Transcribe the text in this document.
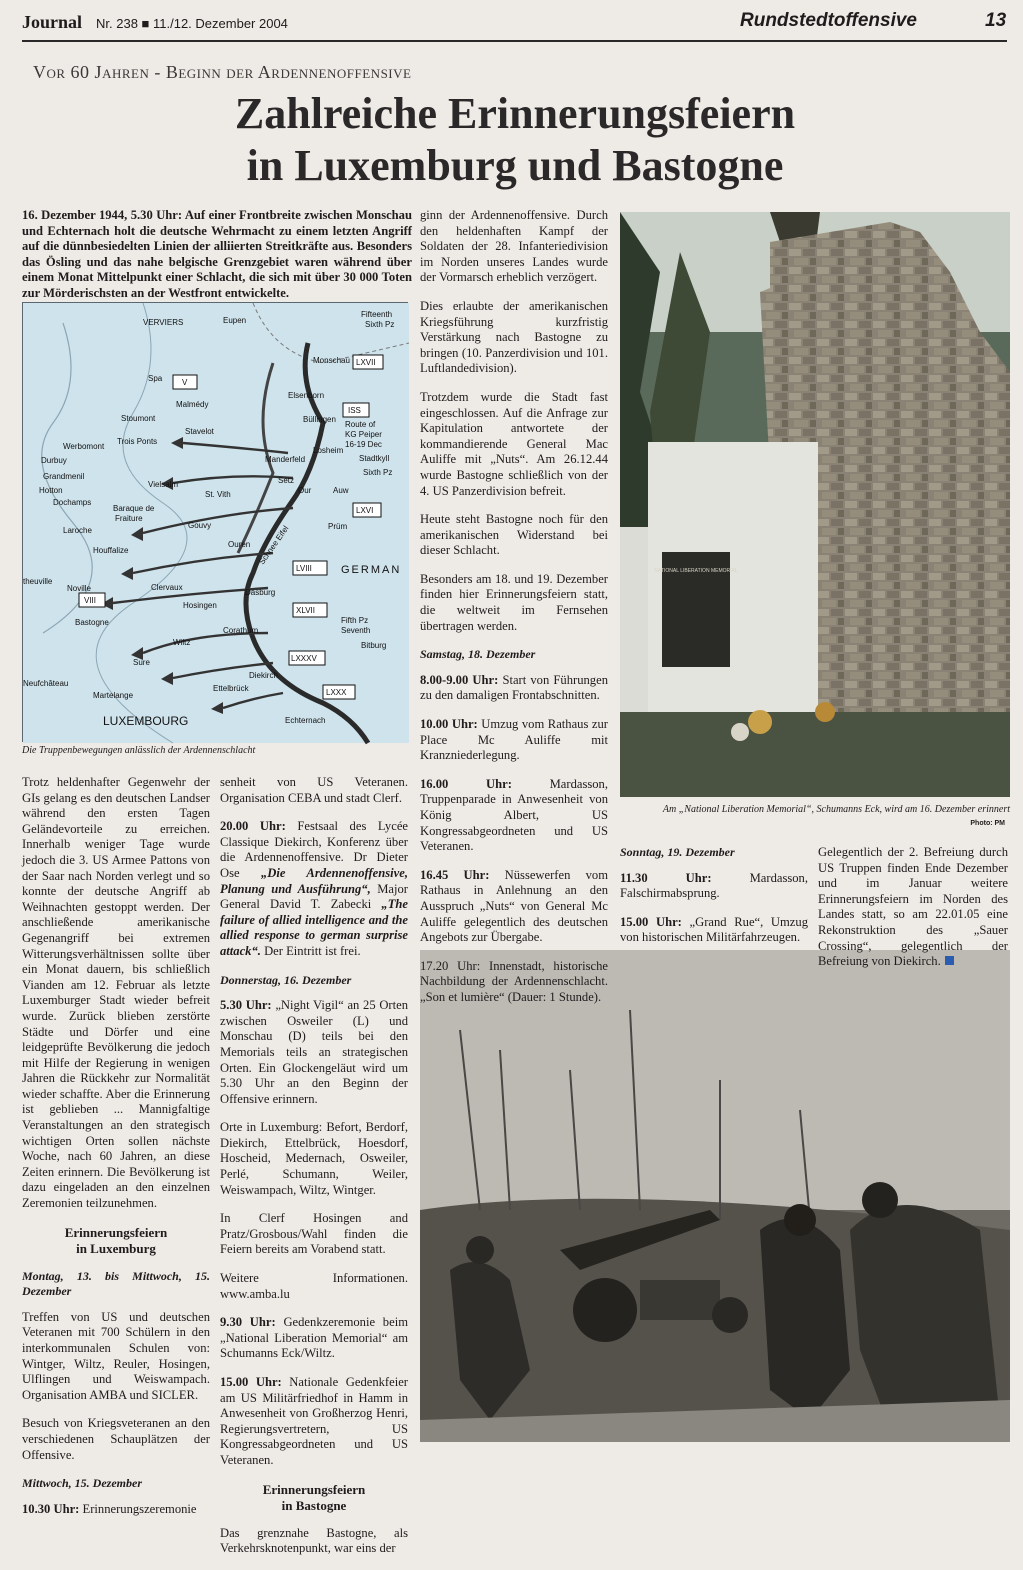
Journal Nr. 238 ■ 11./12. Dezember 2004	Rundstedtoffensive	13
Vor 60 Jahren - Beginn der Ardennenoffensive
Zahlreiche Erinnerungsfeiern
in Luxemburg und Bastogne
16. Dezember 1944, 5.30 Uhr: Auf einer Frontbreite zwischen Monschau und Echternach holt die deutsche Wehrmacht zu einem letzten Angriff auf die dünnbesiedelten Linien der alliierten Streitkräfte aus. Besonders das Ösling und das nahe belgische Grenzgebiet waren während über einem Monat Mittelpunkt einer Schlacht, die sich mit über 30 000 Toten zur Mörderischsten an der Westfront entwickelte.
VERVIERS	Eupen
Fifteenth
Sixth Pz
Monschau
Spa
Malmédy
Elsenborn
Stoumont
Stavelot
Büllingen
Route of
KG Peiper
16-19 Dec
Werbomont
Trois Ponts
Durbuy
Losheim
Manderfeld	Stadtkyll
Grandmenil	Sixth Pz
Hotton
Vielsalm	Setz
Our	Auw
Dochamps
St. Vith
Baraque de
Fraiture
Laroche
Gouvy	Prüm
Houffalize
Ouren Schnee Eifel
GERMAN
theuville
Noville	Clervaux
Dasburg
Bastogne
Hosingen
Fifth Pz
Seventh
Corathum
Bitburg
Sure
Wiltz
Neufchâteau
Ettelbrück
Diekirch
Martelange
LUXEMBOURG	Echternach
V
LXVII
ISS
LXVI
LVIII
VIII
XLVII
LXXXV
LXXX
Die Truppenbewegungen anlässlich der Ardennenschlacht
NATIONAL LIBERATION MEMORIAL
Am „National Liberation Memorial“, Schumanns Eck, wird am 16. Dezember erinnert
Photo: PM

Trotz heldenhafter Gegenwehr der GIs gelang es den deutschen Landser während den ersten Tagen Geländevorteile zu erreichen. Innerhalb weniger Tage wurde jedoch die 3. US Armee Pattons von der Saar nach Norden verlegt und so konnte der deutsche Angriff ab Weihnachten gestoppt werden. Der anschließende amerikanische Gegenangriff bei extremen Witterungsverhältnissen sollte über ein Monat dauern, bis schließlich Vianden am 12. Februar als letzte Luxemburger Stadt wieder befreit wurde. Zurück blieben zerstörte Städte und Dörfer und eine leidgeprüfte Bevölkerung die jedoch mit Hilfe der Regierung in wenigen Jahren die Rückkehr zur Normalität wieder schaffte. Aber die Erinnerung ist geblieben ... Mannigfaltige Veranstaltungen an den strategisch wichtigen Orten sollen nächste Woche, nach 60 Jahren, an diese Zeiten erinnern. Die Bevölkerung ist dazu eingeladen an den einzelnen Zeremonien teilzunehmen.

Erinnerungsfeiern
in Luxemburg
Montag, 13. bis Mittwoch, 15. Dezember

Treffen von US und deutschen Veteranen mit 700 Schülern in den interkommunalen Schulen von: Wintger, Wiltz, Reuler, Hosingen, Ulflingen und Weiswampach. Organisation AMBA und SICLER.

Besuch von Kriegsveteranen an den verschiedenen Schauplätzen der Offensive.

Mittwoch, 15. Dezember

10.30 Uhr: Erinnerungszeremonie

senheit von US Veteranen. Organisation CEBA und stadt Clerf.

20.00 Uhr: Festsaal des Lycée Classique Diekirch, Konferenz über die Ardennenoffensive. Dr Dieter Ose „Die Ardennenoffensive, Planung und Ausführung“, Major General David T. Zabecki „The failure of allied intelligence and the allied response to german surprise attack“. Der Eintritt ist frei.

Donnerstag, 16. Dezember

5.30 Uhr: „Night Vigil“ an 25 Orten zwischen Osweiler (L) und Monschau (D) teils bei den Memorials teils an strategischen Orten. Ein Glockengeläut wird um 5.30 Uhr an den Beginn der Offensive erinnern.

Orte in Luxemburg: Befort, Berdorf, Diekirch, Ettelbrück, Hoesdorf, Hoscheid, Medernach, Osweiler, Perlé, Schumann, Weiler, Weiswampach, Wiltz, Wintger.

In Clerf Hosingen and Pratz/Grosbous/Wahl finden die Feiern bereits am Vorabend statt.

Weitere Informationen. www.amba.lu

9.30 Uhr: Gedenkzeremonie beim „National Liberation Memorial“ am Schumanns Eck/Wiltz.

15.00 Uhr: Nationale Gedenkfeier am US Militärfriedhof in Hamm in Anwesenheit von Großherzog Henri, Regierungsvertretern, US Kongressabgeordneten und US Veteranen.

Erinnerungsfeiern
in Bastogne

Das grenznahe Bastogne, als Verkehrsknotenpunkt, war eins der

ginn der Ardennenoffensive. Durch den heldenhaften Kampf der Soldaten der 28. Infanteriedivision im Norden unseres Landes wurde der Vormarsch erheblich verzögert.

Dies erlaubte der amerikanischen Kriegsführung kurzfristig Verstärkung nach Bastogne zu bringen (10. Panzerdivision und 101. Luftlandedivision).

Trotzdem wurde die Stadt fast eingeschlossen. Auf die Anfrage zur Kapitulation antwortete der kommandierende General Mac Auliffe mit „Nuts“. Am 26.12.44 wurde Bastogne schließlich von der 4. US Panzerdivision befreit.

Heute steht Bastogne noch für den amerikanischen Widerstand bei dieser Schlacht.

Besonders am 18. und 19. Dezember finden hier Erinnerungsfeiern statt, die weltweit im Fernsehen übertragen werden.

Samstag, 18. Dezember

8.00-9.00 Uhr: Start von Führungen zu den damaligen Frontabschnitten.

10.00 Uhr: Umzug vom Rathaus zur Place Mc Auliffe mit Kranzniederlegung.

16.00 Uhr: Mardasson, Truppenparade in Anwesenheit von König Albert, US Kongressabgeordneten und US Veteranen.

16.45 Uhr: Nüssewerfen vom Rathaus in Anlehnung an den Ausspruch „Nuts“ von General Mc Auliffe gelegentlich des deutschen Angebots zur Übergabe.

17.20 Uhr: Innenstadt, historische Nachbildung der Ardennenschlacht. „Son et lumière“ (Dauer: 1 Stunde).

Sonntag, 19. Dezember

11.30 Uhr: Mardasson, Falschirmabsprung.

15.00 Uhr: „Grand Rue“, Umzug von historischen Militärfahrzeugen.

Gelegentlich der 2. Befreiung durch US Truppen finden Ende Dezember und im Januar weitere Erinnerungsfeiern im Norden des Landes statt, so am 22.01.05 eine Rekonstruktion des „Sauer Crossing“, gelegentlich der Befreiung von Diekirch.
